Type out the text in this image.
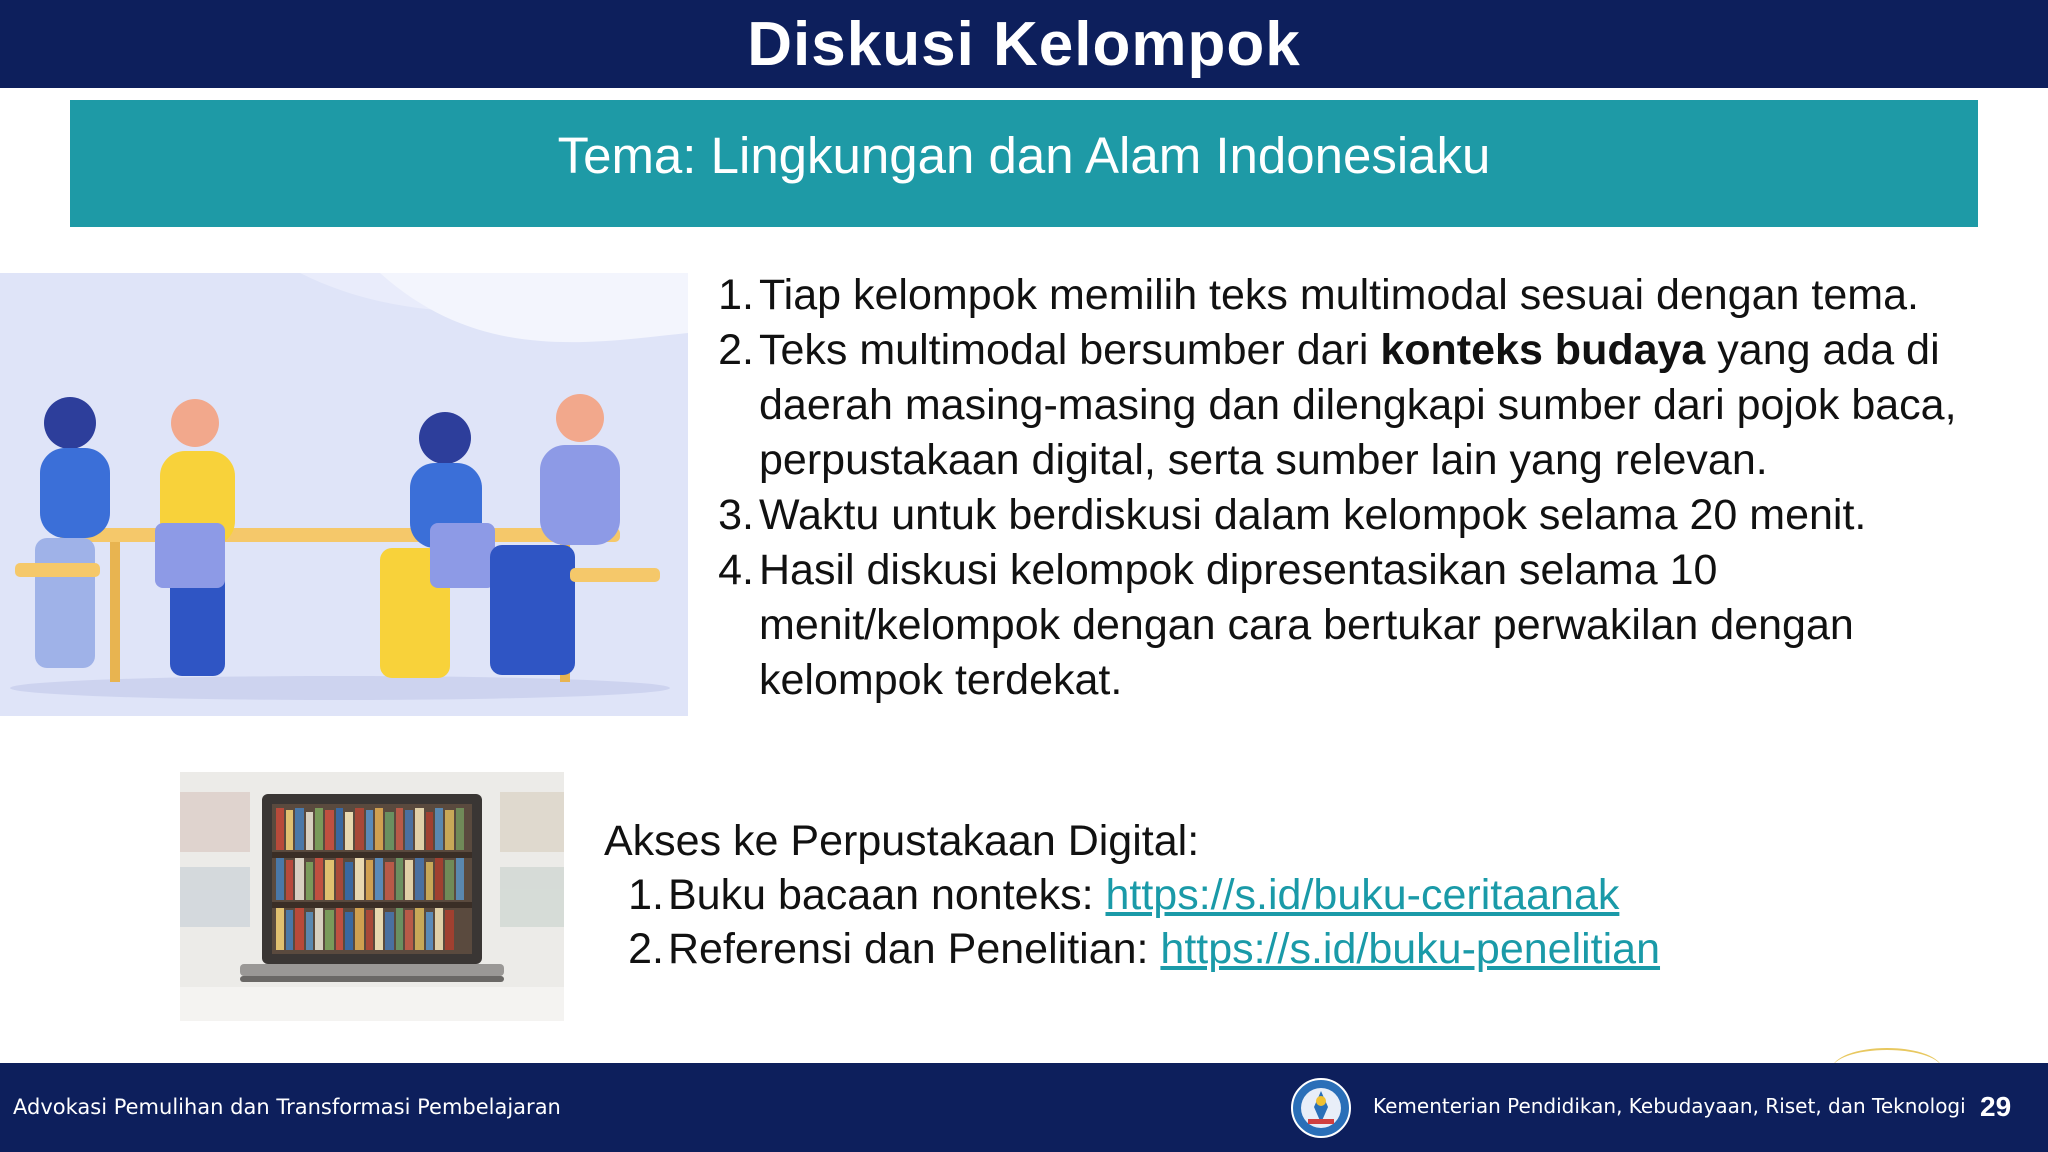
Diskusi Kelompok
Tema: Lingkungan dan Alam Indonesiaku
1. Tiap kelompok memilih teks multimodal sesuai dengan tema.
2. Teks multimodal bersumber dari konteks budaya yang ada di daerah masing-masing dan dilengkapi sumber dari pojok baca, perpustakaan digital, serta sumber lain yang relevan.
3. Waktu untuk berdiskusi dalam kelompok selama 20 menit.
4. Hasil diskusi kelompok dipresentasikan selama 10 menit/kelompok dengan cara bertukar perwakilan dengan kelompok terdekat.

Akses ke Perpustakaan Digital:

1. Buku bacaan nonteks: https://s.id/buku-ceritaanak
2. Referensi dan Penelitian: https://s.id/buku-penelitian
Advokasi Pemulihan dan Transformasi Pembelajaran	Kementerian Pendidikan, Kebudayaan, Riset, dan Teknologi 29
